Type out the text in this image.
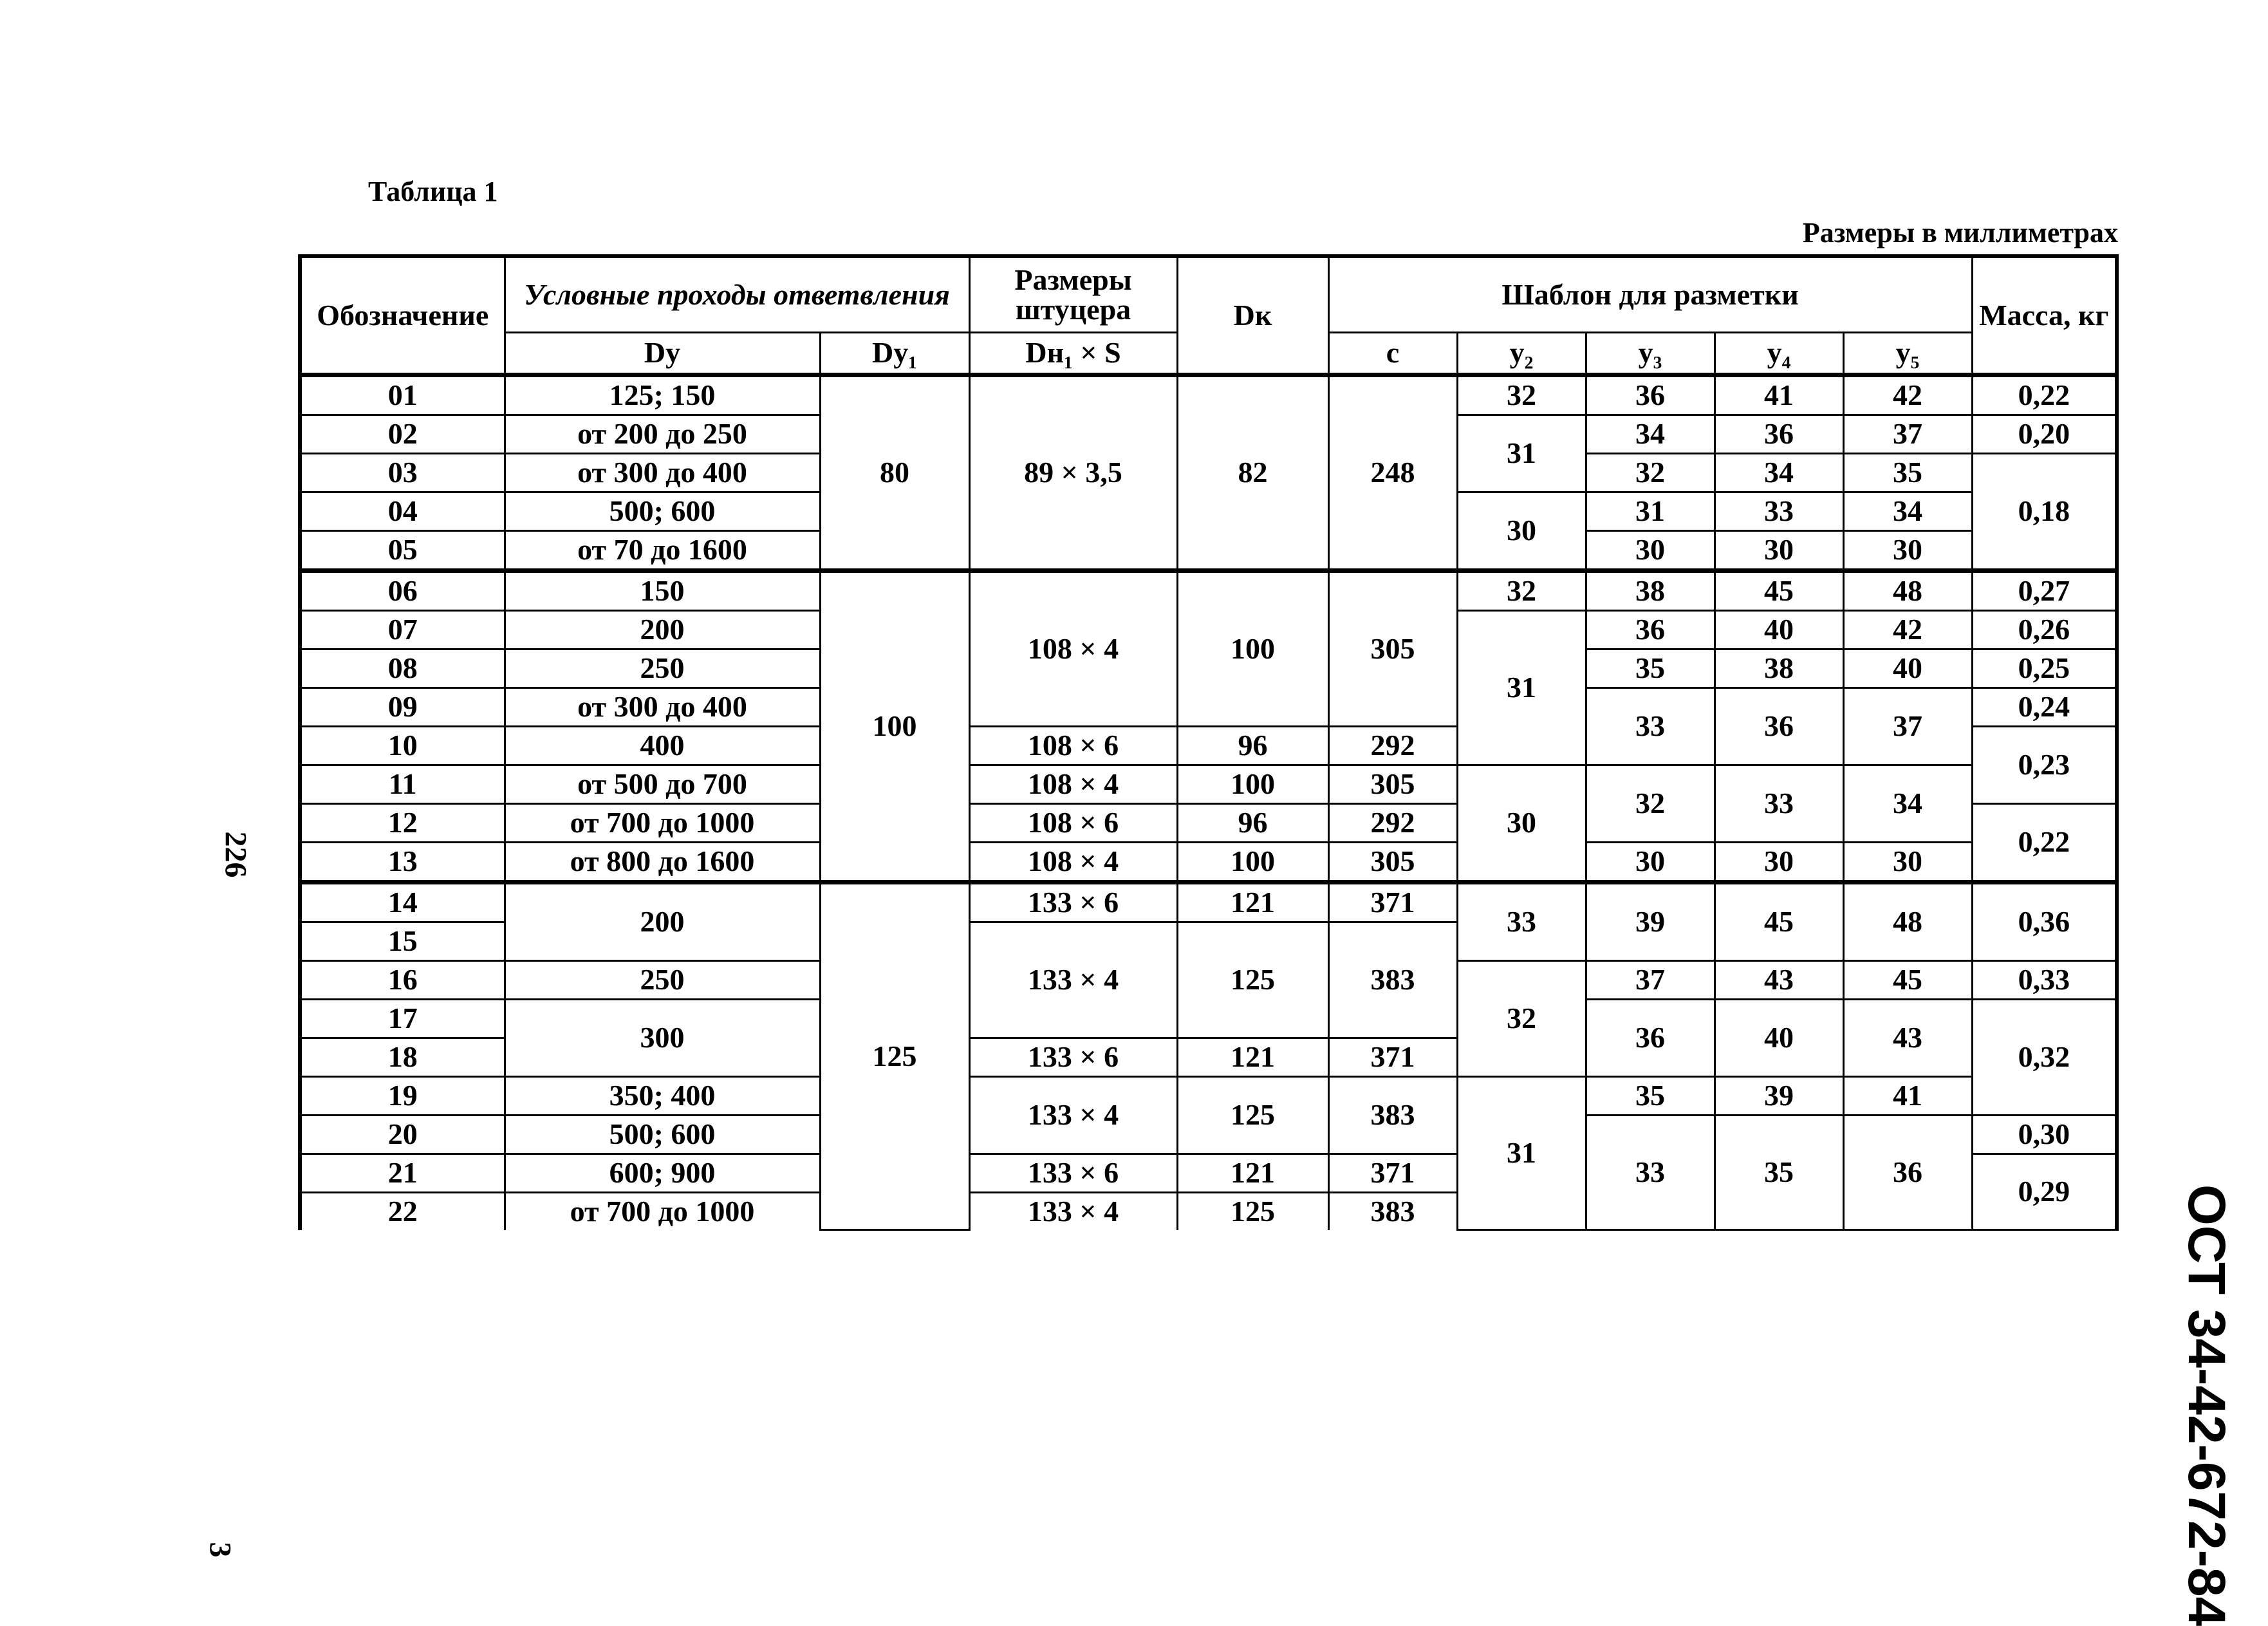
Таблица 1
Размеры в миллиметрах
226
3	ОСТ 34-42-672-84
Обозначение	Условные проходы ответвления		Размеры штуцера	Dк	Шаблон для разметки					Масса, кг
	Dy	Dy₁	Dн₁ × S		c	y₂	y₃	y₄	y₅	
01	125; 150	80	89 × 3,5	82	248	32	36	41	42	0,22
02	от 200 до 250					31	34	36	37	0,20
03	от 300 до 400						32	34	35	0,18
04	500; 600					30	31	33	34	
05	от 70 до 1600						30	30	30	
06	150	100	108 × 4	100	305	32	38	45	48	0,27
07	200					31	36	40	42	0,26
08	250						35	38	40	0,25
09	от 300 до 400						33	36	37	0,24
10	400		108 × 6	96	292					0,23
11	от 500 до 700		108 × 4	100	305	30	32	33	34	
12	от 700 до 1000		108 × 6	96	292					0,22
13	от 800 до 1600		108 × 4	100	305		30	30	30	
14	200	125	133 × 6	121	371	33	39	45	48	0,36
15			133 × 4	125	383					
16	250					32	37	43	45	0,33
17	300						36	40	43	0,32
18			133 × 6	121	371					
19	350; 400		133 × 4	125	383	31	35	39	41	
20	500; 600						33	35	36	0,30
21	600; 900		133 × 6	121	371					0,29
22	от 700 до 1000		133 × 4	125	383					
